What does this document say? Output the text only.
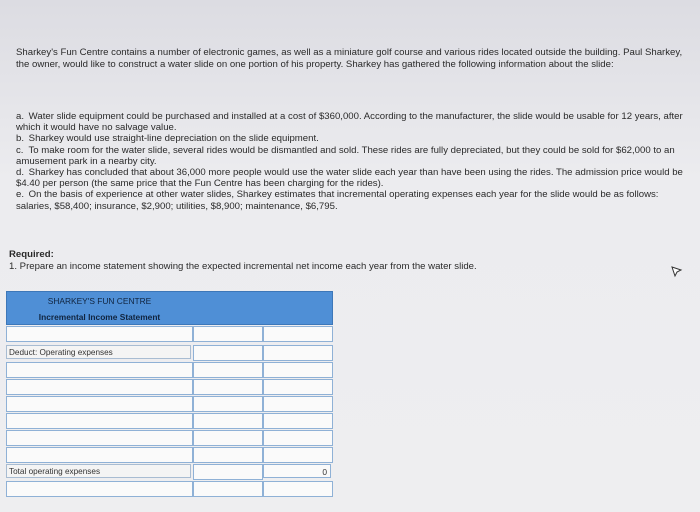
Sharkey's Fun Centre contains a number of electronic games, as well as a miniature golf course and various rides located outside the building. Paul Sharkey, the owner, would like to construct a water slide on one portion of his property. Sharkey has gathered the following information about the slide:

a. Water slide equipment could be purchased and installed at a cost of $360,000. According to the manufacturer, the slide would be usable for 12 years, after which it would have no salvage value.

b. Sharkey would use straight-line depreciation on the slide equipment.

c. To make room for the water slide, several rides would be dismantled and sold. These rides are fully depreciated, but they could be sold for $62,000 to an amusement park in a nearby city.

d. Sharkey has concluded that about 36,000 more people would use the water slide each year than have been using the rides. The admission price would be $4.40 per person (the same price that the Fun Centre has been charging for the rides).

e. On the basis of experience at other water slides, Sharkey estimates that incremental operating expenses each year for the slide would be as follows: salaries, $58,400; insurance, $2,900; utilities, $8,900; maintenance, $6,795.

Required:
1. Prepare an income statement showing the expected incremental net income each year from the water slide.
SHARKEY'S FUN CENTRE
Incremental Income Statement
Deduct: Operating expenses
Total operating expenses	0
